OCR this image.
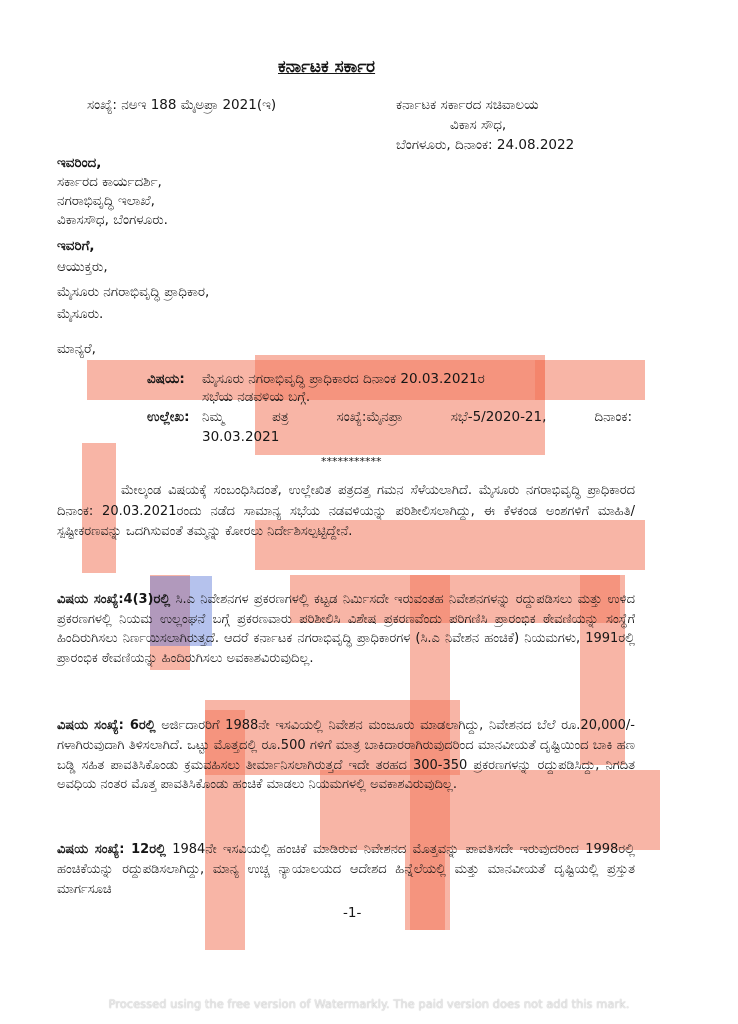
ಕರ್ನಾಟಕ ಸರ್ಕಾರ
ಸಂಖ್ಯೆ: ನಅಇ 188 ಮೈಅಪ್ರಾ 2021(ಇ)	ಕರ್ನಾಟಕ ಸರ್ಕಾರದ ಸಚಿವಾಲಯ
ವಿಕಾಸ ಸೌಧ,
ಬೆಂಗಳೂರು, ದಿನಾಂಕ: 24.08.2022
ಇವರಿಂದ,
ಸರ್ಕಾರದ ಕಾರ್ಯದರ್ಶಿ,
ನಗರಾಭಿವೃದ್ಧಿ ಇಲಾಖೆ,
ವಿಕಾಸಸೌಧ, ಬೆಂಗಳೂರು.
ಇವರಿಗೆ,
ಆಯುಕ್ತರು,
ಮೈಸೂರು ನಗರಾಭಿವೃದ್ಧಿ ಪ್ರಾಧಿಕಾರ,
ಮೈಸೂರು.
ಮಾನ್ಯರೆ,
ವಿಷಯ: ಮೈಸೂರು ನಗರಾಭಿವೃದ್ಧಿ ಪ್ರಾಧಿಕಾರದ ದಿನಾಂಕ 20.03.2021ರ
ಸಭೆಯ ನಡವಳಿಯ ಬಗ್ಗೆ.
ಉಲ್ಲೇಖ: ನಿಮ್ಮ ಪತ್ರ ಸಂಖ್ಯೆ:ಮೈನಪ್ರಾ ಸಭೆ-5/2020-21, ದಿನಾಂಕ:
30.03.2021
***********
ಮೇಲ್ಕಂಡ ವಿಷಯಕ್ಕೆ ಸಂಬಂಧಿಸಿದಂತೆ, ಉಲ್ಲೇಖಿತ ಪತ್ರದತ್ತ ಗಮನ ಸೆಳೆಯಲಾಗಿದೆ. ಮೈಸೂರು ನಗರಾಭಿವೃದ್ಧಿ ಪ್ರಾಧಿಕಾರದ ದಿನಾಂಕ: 20.03.2021ರಂದು ನಡೆದ ಸಾಮಾನ್ಯ ಸಭೆಯ ನಡವಳಿಯನ್ನು ಪರಿಶೀಲಿಸಲಾಗಿದ್ದು, ಈ ಕೆಳಕಂಡ ಅಂಶಗಳಿಗೆ ಮಾಹಿತಿ/ಸ್ಪಷ್ಟೀಕರಣವನ್ನು ಒದಗಿಸುವಂತೆ ತಮ್ಮನ್ನು ಕೋರಲು ನಿರ್ದೇಶಿಸಲ್ಪಟ್ಟಿದ್ದೇನೆ.
ವಿಷಯ ಸಂಖ್ಯೆ:4(3)ರಲ್ಲಿ ಸಿ.ಎ ನಿವೇಶನಗಳ ಪ್ರಕರಣಗಳಲ್ಲಿ ಕಟ್ಟಡ ನಿರ್ಮಿಸದೇ ಇರುವಂತಹ ನಿವೇಶನಗಳನ್ನು ರದ್ದುಪಡಿಸಲು ಮತ್ತು ಉಳಿದ ಪ್ರಕರಣಗಳಲ್ಲಿ ನಿಯಮ ಉಲ್ಲಂಘನೆ ಬಗ್ಗೆ ಪ್ರಕರಣವಾರು ಪರಿಶೀಲಿಸಿ ವಿಶೇಷ ಪ್ರಕರಣವೆಂದು ಪರಿಗಣಿಸಿ ಪ್ರಾರಂಭಿಕ ಠೇವಣಿಯನ್ನು ಸಂಸ್ಥೆಗೆ ಹಿಂದಿರುಗಿಸಲು ನಿರ್ಣಯಿಸಲಾಗಿರುತ್ತದೆ. ಆದರೆ ಕರ್ನಾಟಕ ನಗರಾಭಿವೃದ್ಧಿ ಪ್ರಾಧಿಕಾರಗಳ (ಸಿ.ಎ ನಿವೇಶನ ಹಂಚಿಕೆ) ನಿಯಮಗಳು, 1991ರಲ್ಲಿ ಪ್ರಾರಂಭಿಕ ಠೇವಣಿಯನ್ನು ಹಿಂದಿರುಗಿಸಲು ಅವಕಾಶವಿರುವುದಿಲ್ಲ.
ವಿಷಯ ಸಂಖ್ಯೆ: 6ರಲ್ಲಿ ಅರ್ಜಿದಾರರಿಗೆ 1988ನೇ ಇಸವಿಯಲ್ಲಿ ನಿವೇಶನ ಮಂಜೂರು ಮಾಡಲಾಗಿದ್ದು, ನಿವೇಶನದ ಬೆಲೆ ರೂ.20,000/-ಗಳಾಗಿರುವುದಾಗಿ ತಿಳಿಸಲಾಗಿದೆ. ಒಟ್ಟು ಮೊತ್ತದಲ್ಲಿ ರೂ.500 ಗಳಿಗೆ ಮಾತ್ರ ಬಾಕಿದಾರರಾಗಿರುವುದರಿಂದ ಮಾನವೀಯತೆ ದೃಷ್ಟಿಯಿಂದ ಬಾಕಿ ಹಣ ಬಡ್ಡಿ ಸಹಿತ ಪಾವತಿಸಿಕೊಂಡು ಕ್ರಮವಹಿಸಲು ತೀರ್ಮಾನಿಸಲಾಗಿರುತ್ತದೆ ಇದೇ ತರಹದ 300-350 ಪ್ರಕರಣಗಳನ್ನು ರದ್ದುಪಡಿಸಿದ್ದು, ನಿಗದಿತ ಅವಧಿಯ ನಂತರ ಮೊತ್ತ ಪಾವತಿಸಿಕೊಂಡು ಹಂಚಿಕೆ ಮಾಡಲು ನಿಯಮಗಳಲ್ಲಿ ಅವಕಾಶವಿರುವುದಿಲ್ಲ.
ವಿಷಯ ಸಂಖ್ಯೆ: 12ರಲ್ಲಿ 1984ನೇ ಇಸವಿಯಲ್ಲಿ ಹಂಚಿಕೆ ಮಾಡಿರುವ ನಿವೇಶನದ ಮೊತ್ತವನ್ನು ಪಾವತಿಸದೇ ಇರುವುದರಿಂದ 1998ರಲ್ಲಿ ಹಂಚಿಕೆಯನ್ನು ರದ್ದುಪಡಿಸಲಾಗಿದ್ದು, ಮಾನ್ಯ ಉಚ್ಚ ನ್ಯಾಯಾಲಯದ ಆದೇಶದ ಹಿನ್ನೆಲೆಯಲ್ಲಿ ಮತ್ತು ಮಾನವೀಯತೆ ದೃಷ್ಟಿಯಲ್ಲಿ ಪ್ರಸ್ತುತ ಮಾರ್ಗಸೂಚಿ
-1-
Processed using the free version of Watermarkly. The paid version does not add this mark.
